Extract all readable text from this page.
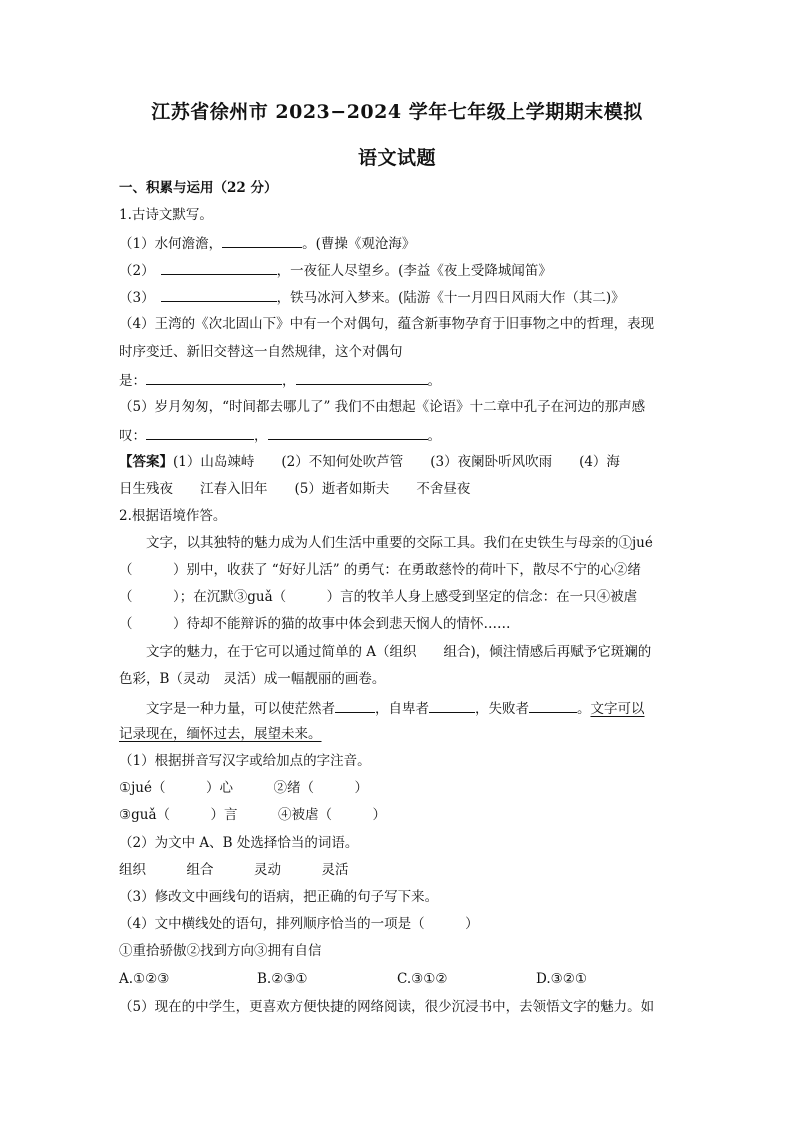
江苏省徐州市 2023−2024 学年七年级上学期期末模拟
语文试题
一、积累与运用（22 分）
1.古诗文默写。
（1）水何澹澹，	。(曹操《观沧海》
（2）	，一夜征人尽望乡。(李益《夜上受降城闻笛》
（3）	，铁马冰河入梦来。(陆游《十一月四日风雨大作（其二)》
（4）王湾的《次北固山下》中有一个对偶句，蕴含新事物孕育于旧事物之中的哲理，表现
时序变迁、新旧交替这一自然规律，这个对偶句
是：	，	。
（5）岁月匆匆，“时间都去哪儿了” 我们不由想起《论语》十二章中孔子在河边的那声感
叹：	，	。
【答案】(1）山岛竦峙　　(2）不知何处吹芦管　　(3）夜阑卧听风吹雨　　(4）海
日生残夜　　江春入旧年　　(5）逝者如斯夫　　不舍昼夜
2.根据语境作答。
文字，以其独特的魅力成为人们生活中重要的交际工具。我们在史铁生与母亲的①jué
（　　　）别中，收获了 “好好儿活” 的勇气：在勇敢慈怜的荷叶下，散尽不宁的心②绪
（　　　）；在沉默③guǎ（　　　）言的牧羊人身上感受到坚定的信念：在一只④被虐
（　　　）待却不能辩诉的猫的故事中体会到悲天悯人的情怀……
文字的魅力，在于它可以通过简单的 A（组织　　组合)，倾注情感后再赋予它斑斓的
色彩，B（灵动　灵活）成一幅靓丽的画卷。
文字是一种力量，可以使茫然者	，自卑者	，失败者	。文字可以
记录现在，缅怀过去，展望未来。
（1）根据拼音写汉字或给加点的字注音。
①jué（　　　）心　　　②绪（　　　）
③guǎ（　　　）言　　　④被虐（　　　）
（2）为文中 A、B 处选择恰当的词语。
组织　　　组合　　　灵动　　　灵活
（3）修改文中画线句的语病，把正确的句子写下来。
（4）文中横线处的语句，排列顺序恰当的一项是（　　　）
①重拾骄傲②找到方向③拥有自信
A.①②③	B.②③①	C.③①②	D.③②①
（5）现在的中学生，更喜欢方便快捷的网络阅读，很少沉浸书中，去领悟文字的魅力。如
